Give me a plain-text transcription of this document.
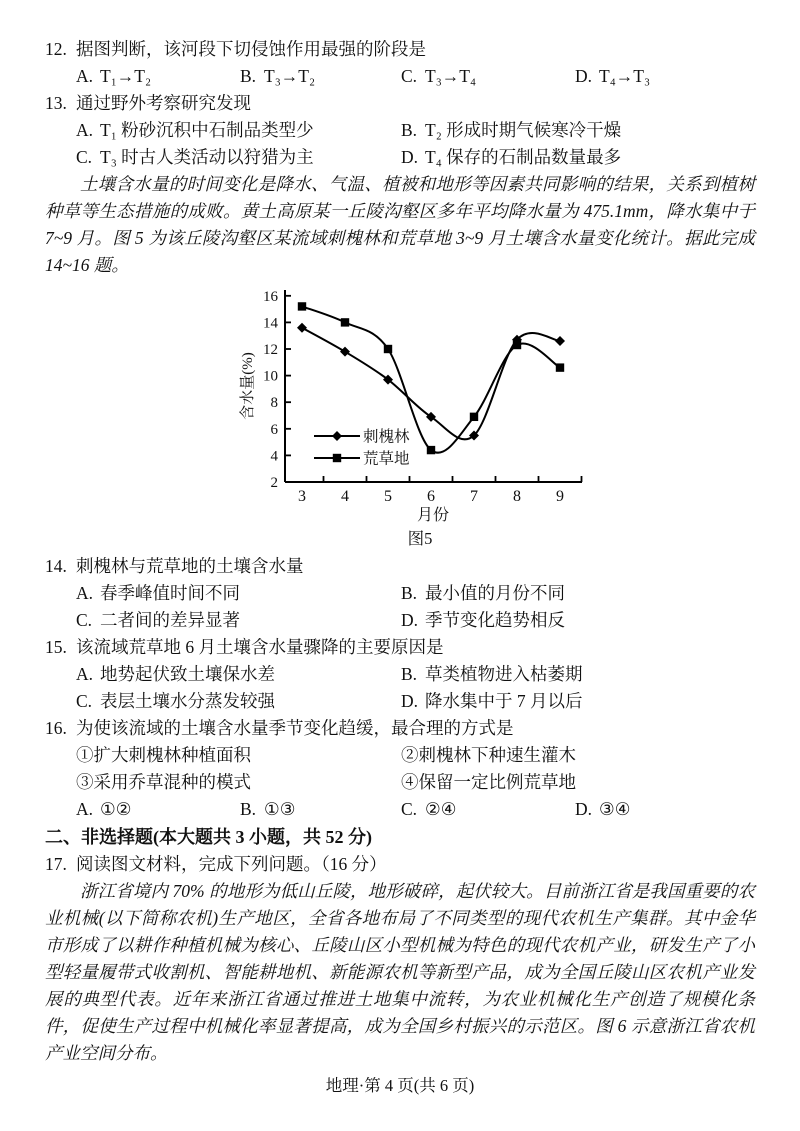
12. 据图判断，该河段下切侵蚀作用最强的阶段是
A. T₁→T₂	B. T₃→T₂	C. T₃→T₄	D. T₄→T₃
13. 通过野外考察研究发现
A. T₁ 粉砂沉积中石制品类型少	B. T₂ 形成时期气候寒冷干燥
C. T₃ 时古人类活动以狩猎为主	D. T₄ 保存的石制品数量最多
土壤含水量的时间变化是降水、气温、植被和地形等因素共同影响的结果，关系到植树种草等生态措施的成败。黄土高原某一丘陵沟壑区多年平均降水量为 475.1mm，降水集中于 7~9 月。图 5 为该丘陵沟壑区某流域刺槐林和荒草地 3~9 月土壤含水量变化统计。据此完成 14~16 题。
2
4
6
8
10
12
14
16
3 4 5 6 7 8 9
月份
含水量(%)
刺槐林
荒草地
图5
14. 刺槐林与荒草地的土壤含水量
A. 春季峰值时间不同	B. 最小值的月份不同
C. 二者间的差异显著	D. 季节变化趋势相反
15. 该流域荒草地 6 月土壤含水量骤降的主要原因是
A. 地势起伏致土壤保水差	B. 草类植物进入枯萎期
C. 表层土壤水分蒸发较强	D. 降水集中于 7 月以后
16. 为使该流域的土壤含水量季节变化趋缓，最合理的方式是
①扩大刺槐林种植面积	②刺槐林下种速生灌木
③采用乔草混种的模式	④保留一定比例荒草地
A. ①②	B. ①③	C. ②④	D. ③④
二、非选择题(本大题共 3 小题，共 52 分)
17. 阅读图文材料，完成下列问题。（16 分）
浙江省境内 70% 的地形为低山丘陵，地形破碎，起伏较大。目前浙江省是我国重要的农业机械(以下简称农机)生产地区，全省各地布局了不同类型的现代农机生产集群。其中金华市形成了以耕作种植机械为核心、丘陵山区小型机械为特色的现代农机产业，研发生产了小型轻量履带式收割机、智能耕地机、新能源农机等新型产品，成为全国丘陵山区农机产业发展的典型代表。近年来浙江省通过推进土地集中流转，为农业机械化生产创造了规模化条件，促使生产过程中机械化率显著提高，成为全国乡村振兴的示范区。图 6 示意浙江省农机产业空间分布。
地理·第 4 页(共 6 页)
